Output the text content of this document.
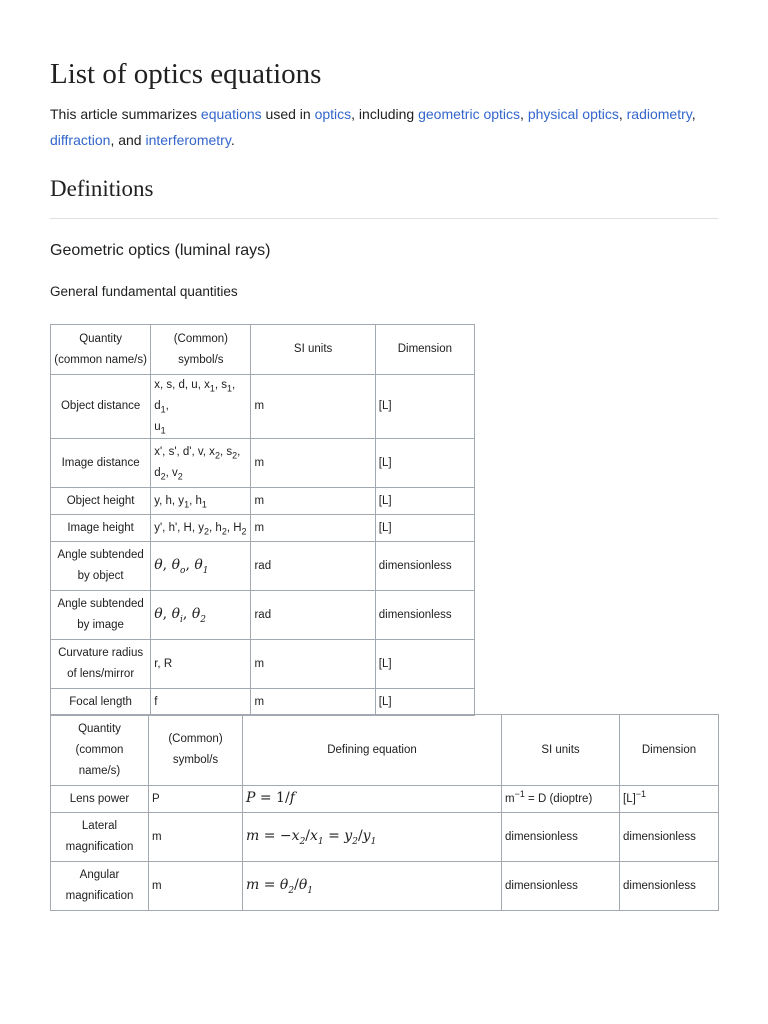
List of optics equations

This article summarizes equations used in optics, including geometric optics, physical optics, radiometry,
diffraction, and interferometry.

Definitions
Geometric optics (luminal rays)
General fundamental quantities
Quantity (common name/s)	(Common) symbol/s	SI units	Dimension
Object distance	x, s, d, u, $x_1$, $s_1$, $d_1$,
$u_1$	m	[L]
Image distance	x', s', d', v, $x_2$, $s_2$,
$d_2$, $v_2$	m	[L]
Object height	y, h, $y_1$, $h_1$	m	[L]
Image height	y', h', H, $y_2$, $h_2$, $H_2$	m	[L]
Angle subtended by object	θ, $\theta_o$, $\theta_1$	rad	dimensionless
Angle subtended by image	θ, $\theta_i$, $\theta_2$	rad	dimensionless
Curvature radius of lens/mirror	r, R	m	[L]
Focal length	f	m	[L]
Quantity (common name/s)	(Common) symbol/s	Defining equation	SI units	Dimension
Lens power	P	P = 1/f	$m^{-1} = D$ (dioptre)	$[L]^{-1}$
Lateral magnification	m	$m = -x_2/x_1 = y_2/y_1$	dimensionless	dimensionless
Angular magnification	m	$m = \theta_2/\theta_1$	dimensionless	dimensionless
